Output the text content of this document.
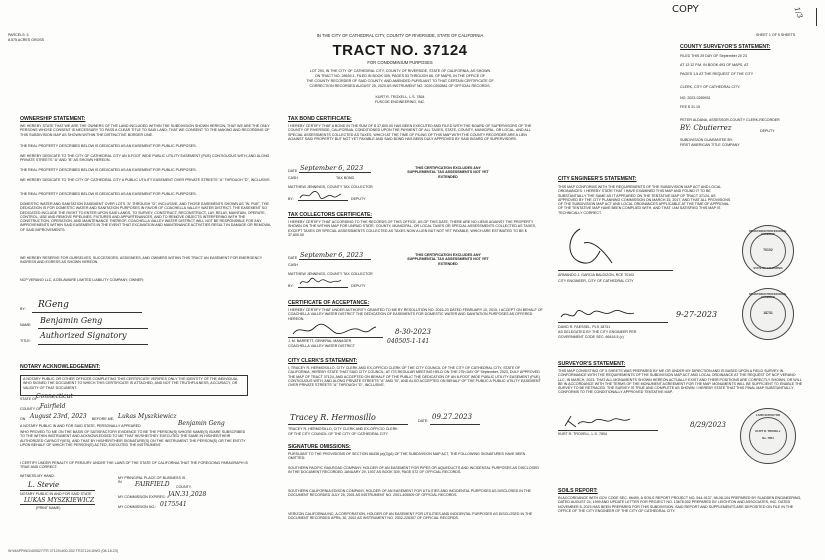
PARCELS: 3
8.575 ACRES GROSS
IN THE CITY OF CATHEDRAL CITY, COUNTY OF RIVERSIDE, STATE OF CALIFORNIA
TRACT NO. 37124
FOR CONDOMINIUM PURPOSES
LOT 293, IN THE CITY OF CATHEDRAL CITY, COUNTY OF RIVERSIDE, STATE OF CALIFORNIA, AS SHOWN
ON TRACT NO. 28639-1, FILED IN BOOK 305, PAGES 53 THROUGH 66, OF MAPS, IN THE OFFICE OF
THE COUNTY RECORDER OF SAID COUNTY, AND AMENDED PURSUANT TO THAT CERTAIN CERTIFICATE OF
CORRECTION RECORDED AUGUST 25, 2020 AS INSTRUMENT NO. 2020-0392881 OF OFFICIAL RECORDS.
KURT R. TROXELL, L.S. 7854
FUSCOE ENGINEERING, INC.
SHEET 1 OF 5 SHEETS
COPY	1/3
COUNTY SURVEYOR'S STATEMENT:
FILED THIS 29 DAY OF September 20 23
AT 12:12 P.M. IN BOOK 493 OF MAPS, AT
PAGES 1-5 AT THE REQUEST OF THE CITY
CLERK, CITY OF CATHEDRAL CITY.
NO. 2023-0289931
FEE $ 31.15
PETER ALDANA, ASSESSOR-COUNTY CLERK-RECORDER
BY: Cbutierrez	DEPUTY
SUBDIVISION GUARANTEE BY:
FIRST AMERICAN TITLE COMPANY
OWNERSHIP STATEMENT:
WE HEREBY STATE THAT WE ARE THE OWNERS OF THE LAND INCLUDED WITHIN THE SUBDIVISION SHOWN HEREON; THAT WE ARE THE ONLY PERSONS WHOSE CONSENT IS NECESSARY TO PASS A CLEAR TITLE TO SAID LAND; THAT WE CONSENT TO THE MAKING AND RECORDING OF THIS SUBDIVISION MAP AS SHOWN WITHIN THE DISTINCTIVE BORDER LINE.
THE REAL PROPERTY DESCRIBED BELOW IS DEDICATED AS AN EASEMENT FOR PUBLIC PURPOSES:
WE HEREBY DEDICATE TO THE CITY OF CATHEDRAL CITY AN 8-FOOT WIDE PUBLIC UTILITY EASEMENT (PUE) CONTIGUOUS WITH, AND ALONG PRIVATE STREETS "A" AND "B" AS SHOWN HEREON.
THE REAL PROPERTY DESCRIBED BELOW IS DEDICATED AS AN EASEMENT FOR PUBLIC PURPOSES:
WE HEREBY DEDICATE TO THE CITY OF CATHEDRAL CITY A PUBLIC UTILITY EASEMENT OVER PRIVATE STREETS "A" THROUGH "D", INCLUSIVE.
THE REAL PROPERTY DESCRIBED BELOW IS DEDICATED AS AN EASEMENT FOR PUBLIC PURPOSES:
DOMESTIC WATER AND SANITATION EASEMENT OVER LOTS "A" THROUGH "D", INCLUSIVE, AND THOSE EASEMENTS SHOWN AS "W. PUE", THE DEDICATION IS FOR DOMESTIC WATER AND SANITATION PURPOSES IN FAVOR OF COACHELLA VALLEY WATER DISTRICT. THE EASEMENT SO DEDICATED INCLUDE THE RIGHT TO ENTER UPON SAID LANDS, TO SURVEY, CONSTRUCT, RECONSTRUCT, LAY, RELAY, MAINTAIN, OPERATE, CONTROL, USE AND REMOVE PIPELINES, FIXTURES AND APPURTENANCES, AND TO REMOVE OBJECTS INTERFERING WITH THE CONSTRUCTION, OPERATION, AND MAINTENANCE THEREOF. COACHELLA VALLEY WATER DISTRICT WILL NOT BE RESPONSIBLE FOR ANY IMPROVEMENTS WITHIN SAID EASEMENTS IN THE EVENT THAT EXCAVATION AND MAINTENANCE ACTIVITIES RESULT IN DAMAGE OR REMOVAL OF SAID IMPROVEMENTS.
WE HEREBY RESERVE FOR OURSELVES, SUCCESSORS, ASSIGNEES, AND OWNERS WITHIN THIS TRACT AN EASEMENT FOR EMERGENCY INGRESS AND EGRESS AS SHOWN HEREON.
NCP VERANO LLC, A DELAWARE LIMITED LIABILITY COMPANY, OWNER;
BY: RGeng
NAME: Benjamin Geng
TITLE:
Authorized Signatory
NOTARY ACKNOWLEDGEMENT:
A NOTARY PUBLIC OR OTHER OFFICER COMPLETING THIS CERTIFICATE VERIFIES ONLY THE IDENTITY OF THE INDIVIDUAL WHO SIGNED THE DOCUMENT TO WHICH THIS CERTIFICATE IS ATTACHED, AND NOT THE TRUTHFULNESS, ACCURACY, OR VALIDITY OF THAT DOCUMENT.
STATE OF
Connecticut
COUNTY OF
Fairfield
ON August 23rd, 2023 BEFORE ME, Lukas Myszkiewicz
A NOTARY PUBLIC IN AND FOR SAID STATE, PERSONALLY APPEARED	Benjamin Geng
WHO PROVED TO ME ON THE BASIS OF SATISFACTORY EVIDENCE TO BE THE PERSON(S) WHOSE NAME(S) IS/ARE SUBSCRIBED TO THE WITHIN INSTRUMENT AND ACKNOWLEDGED TO ME THAT HE/SHE/THEY EXECUTED THE SAME IN HIS/HER/THEIR AUTHORIZED CAPACITY(IES), AND THAT BY HIS/HER/THEIR SIGNATURE(S) ON THE INSTRUMENT THE PERSON(S) OR THE ENTITY UPON BEHALF OF WHICH THE PERSON(S) ACTED, EXECUTED THE INSTRUMENT.
I CERTIFY UNDER PENALTY OF PERJURY UNDER THE LAWS OF THE STATE OF CALIFORNIA THAT THE FOREGOING PARAGRAPH IS TRUE AND CORRECT.
WITNESS MY HAND:
L. Stevie
NOTARY PUBLIC IN AND FOR SAID STATE
LUKAS MYSZKIEWICZ
(PRINT NAME)
MY PRINCIPAL PLACE OF BUSINESS IS IN	FAIRFIELD COUNTY.
MY COMMISSION EXPIRES: JAN.31,2028
MY COMMISSION NO.: 0175541
W:\MAPPING\400527\TR 37124\\400-002 TR37124.DWG (08-16-23)
TAX BOND CERTIFICATE:
I HEREBY CERTIFY THAT A BOND IN THE SUM OF $ 37,800.00 HAS BEEN EXECUTED AND FILED WITH THE BOARD OF SUPERVISORS OF THE COUNTY OF RIVERSIDE, CALIFORNIA, CONDITIONED UPON THE PAYMENT OF ALL TAXES, STATE, COUNTY, MUNICIPAL, OR LOCAL, AND ALL SPECIAL ASSESSMENTS COLLECTED AS TAXES, WHICH AT THE TIME OF FILING OF THIS MAP WITH THE COUNTY RECORDER ARE A LIEN AGAINST SAID PROPERTY BUT NOT YET PAYABLE AND SAID BOND HAS BEEN DULY APPROVED BY SAID BOARD OF SUPERVISORS.
DATE September 6, 2023
CASH	TAX BOND
MATTHEW JENNINGS, COUNTY TAX COLLECTOR
BY:	DEPUTY
THIS CERTIFICATION EXCLUDES ANY SUPPLEMENTAL TAX ASSESSMENTS NOT YET EXTENDED
TAX COLLECTORS CERTIFICATE:
I HEREBY CERTIFY THAT ACCORDING TO THE RECORDS OF THIS OFFICE, AS OF THIS DATE, THERE ARE NO LIENS AGAINST THE PROPERTY SHOWN ON THE WITHIN MAP FOR UNPAID STATE, COUNTY, MUNICIPAL, OR LOCAL TAXES OR SPECIAL ASSESSMENTS COLLECTED AS TAXES, EXCEPT TAXES OR SPECIAL ASSESSMENTS COLLECTED AS TAXES NOW A LIEN BUT NOT YET PAYABLE, WHICH ARE ESTIMATED TO BE $ 37,800.00
DATE September 6, 2023
CASH
MATTHEW JENNINGS, COUNTY TAX COLLECTOR
BY:	DEPUTY
THIS CERTIFICATION EXCLUDES ANY SUPPLEMENTAL TAX ASSESSMENTS NOT YET EXTENDED
CERTIFICATE OF ACCEPTANCE:
I HEREBY CERTIFY THAT UNDER AUTHORITY GRANTED TO ME BY RESOLUTION NO. 2015-23 DATED FEBRUARY 10, 2015, I ACCEPT ON BEHALF OF COACHELLA VALLEY WATER DISTRICT THE DEDICATION OF EASEMENTS FOR DOMESTIC WATER AND SANITATION PURPOSES AS OFFERED HEREON.
8-30-2023
J. M. BARRETT, GENERAL MANAGER
COACHELLA VALLEY WATER DISTRICT
040505-1-141
CITY CLERK'S STATEMENT:
I, TRACEY R. HERMOSILLO, CITY CLERK AND EX-OFFICIO CLERK OF THE CITY COUNCIL OF THE CITY OF CATHEDRAL CITY, STATE OF CALIFORNIA, HEREBY STATE THAT SAID CITY COUNCIL, AT ITS REGULAR MEETING HELD ON THE 27th DAY OF September, 2023, DULY APPROVED THE MAP OF TRACT 37124, AND ACCEPTED ON BEHALF OF THE PUBLIC THE DEDICATION OF AN 8-FOOT WIDE PUBLIC UTILITY EASEMENT (PUE) CONTIGUOUS WITH, AND ALONG PRIVATE STREETS "A" AND "B", AND ALSO ACCEPTED ON BEHALF OF THE PUBLIC A PUBLIC UTILITY EASEMENT OVER PRIVATE STREETS "A" THROUGH "D", INCLUSIVE.
Tracey R. Hermosillo	DATE: 09.27.2023
TRACEY R. HERMOSILLO, CITY CLERK AND EX-OFFICIO CLERK
OF THE CITY COUNCIL OF THE CITY OF CATHEDRAL CITY
SIGNATURE OMISSIONS:
PURSUANT TO THE PROVISIONS OF SECTION 66436 (a)(3)(A) OF THE SUBDIVISION MAP ACT, THE FOLLOWING SIGNATURES HAVE BEEN OMITTED:
SOUTHERN PACIFIC RAILROAD COMPANY, HOLDER OF AN EASEMENT FOR PIPES OR AQUEDUCTS AND INCIDENTAL PURPOSES AS DISCLOSED IN THE DOCUMENT RECORDED JANUARY 29, 1937 AS BOOK 309, PAGE 572 OF OFFICIAL RECORDS.
SOUTHERN CALIFORNIA EDISON COMPANY, HOLDER OF AN EASEMENT FOR UTILITIES AND INCIDENTAL PURPOSES AS DISCLOSED IN THE DOCUMENT RECORDED JULY 25, 2001 AS INSTRUMENT NO. 2001-405509 OF OFFICIAL RECORDS.
VERIZON CALIFORNIA INC, A CORPORATION, HOLDER OF AN EASEMENT FOR UTILITIES AND INCIDENTAL PURPOSES AS DISCLOSED IN THE DOCUMENT RECORDED APRIL 30, 2002 AS INSTRUMENT NO. 2002-226307 OF OFFICIAL RECORDS.
CITY ENGINEER'S STATEMENT:
THIS MAP CONFORMS WITH THE REQUIREMENTS OF THE SUBDIVISION MAP ACT AND LOCAL ORDINANCES. I HEREBY STATE THAT I HAVE EXAMINED THIS MAP AND FOUND IT TO BE SUBSTANTIALLY THE SAME AS IT APPEARED ON THE TENTATIVE MAP OF TRACT 37124, AS APPROVED BY THE CITY PLANNING COMMISSION ON MARCH 15, 2017, AND THAT ALL PROVISIONS OF THE SUBDIVISION MAP ACT AND LOCAL ORDINANCES APPLICABLE AT THE TIME OF APPROVAL OF THE TENTATIVE MAP HAVE BEEN COMPLIED WITH, AND THAT I AM SATISFIED THIS MAP IS TECHNICALLY CORRECT.
ARMANDO J. GARCIA BALDIZON, RCE 70102
CITY ENGINEER, CITY OF CATHEDRAL CITY
REGISTERED PROFESSIONAL ENGINEER
70102
STATE OF CALIFORNIA
9-27-2023
DAVID R. FAESSEL, PLS 18731
AS DELEGATED BY THE CITY ENGINEER PER
GOVERNMENT CODE SEC. 66416.5 (c)
REGISTERED PROFESSIONAL ENGINEER
18731
SURVEYOR'S STATEMENT:
THIS MAP CONSISTING OF 5 SHEETS WAS PREPARED BY ME OR UNDER MY DIRECTION AND IS BASED UPON A FIELD SURVEY IN CONFORMANCE WITH THE REQUIREMENTS OF THE SUBDIVISION MAP ACT AND LOCAL ORDINANCE AT THE REQUEST OF NCP VERANO LLC, IN MARCH, 2023. THAT ALL MONUMENTS SHOWN HEREON ACTUALLY EXIST AND THEIR POSITIONS ARE CORRECTLY SHOWN, OR WILL BE IN ACCORDANCE WITH THE TERMS OF THE MONUMENT AGREEMENT FOR THE MAP. MONUMENTS WILL BE SUFFICIENT TO ENABLE THE SURVEY TO BE RETRACED. THE SURVEY IS TRUE AND COMPLETE AS SHOWN. I HEREBY STATE THAT THIS FINAL MAP SUBSTANTIALLY CONFORMS TO THE CONDITIONALLY APPROVED TENTATIVE MAP.
KURT R. TROXELL, L.S. 7854
8/29/2023
LAND SURVEYOR
KURT R. TROXELL
No. 7854
SOILS REPORT:
IN ACCORDANCE WITH GOV CODE SEC. 66490, A SOILS REPORT PROJECT NO. 544-9137, 98-08-104 PREPARED BY SLADDEN ENGINEERING, DATED AUGUST 24, 1999 AND UPDATE LETTER FOR PROJECT NO. 13678.002 PREPARED BY LEIGHTON AND ASSOCIATES, INC. DATED NOVEMBER 8, 2023 HAS BEEN PREPARED FOR THIS SUBDIVISION. SAID REPORT AND SUPPLEMENTS ARE DEPOSITED ON FILE IN THE OFFICE OF THE CITY ENGINEER OF THE CITY OF CATHEDRAL CITY.
